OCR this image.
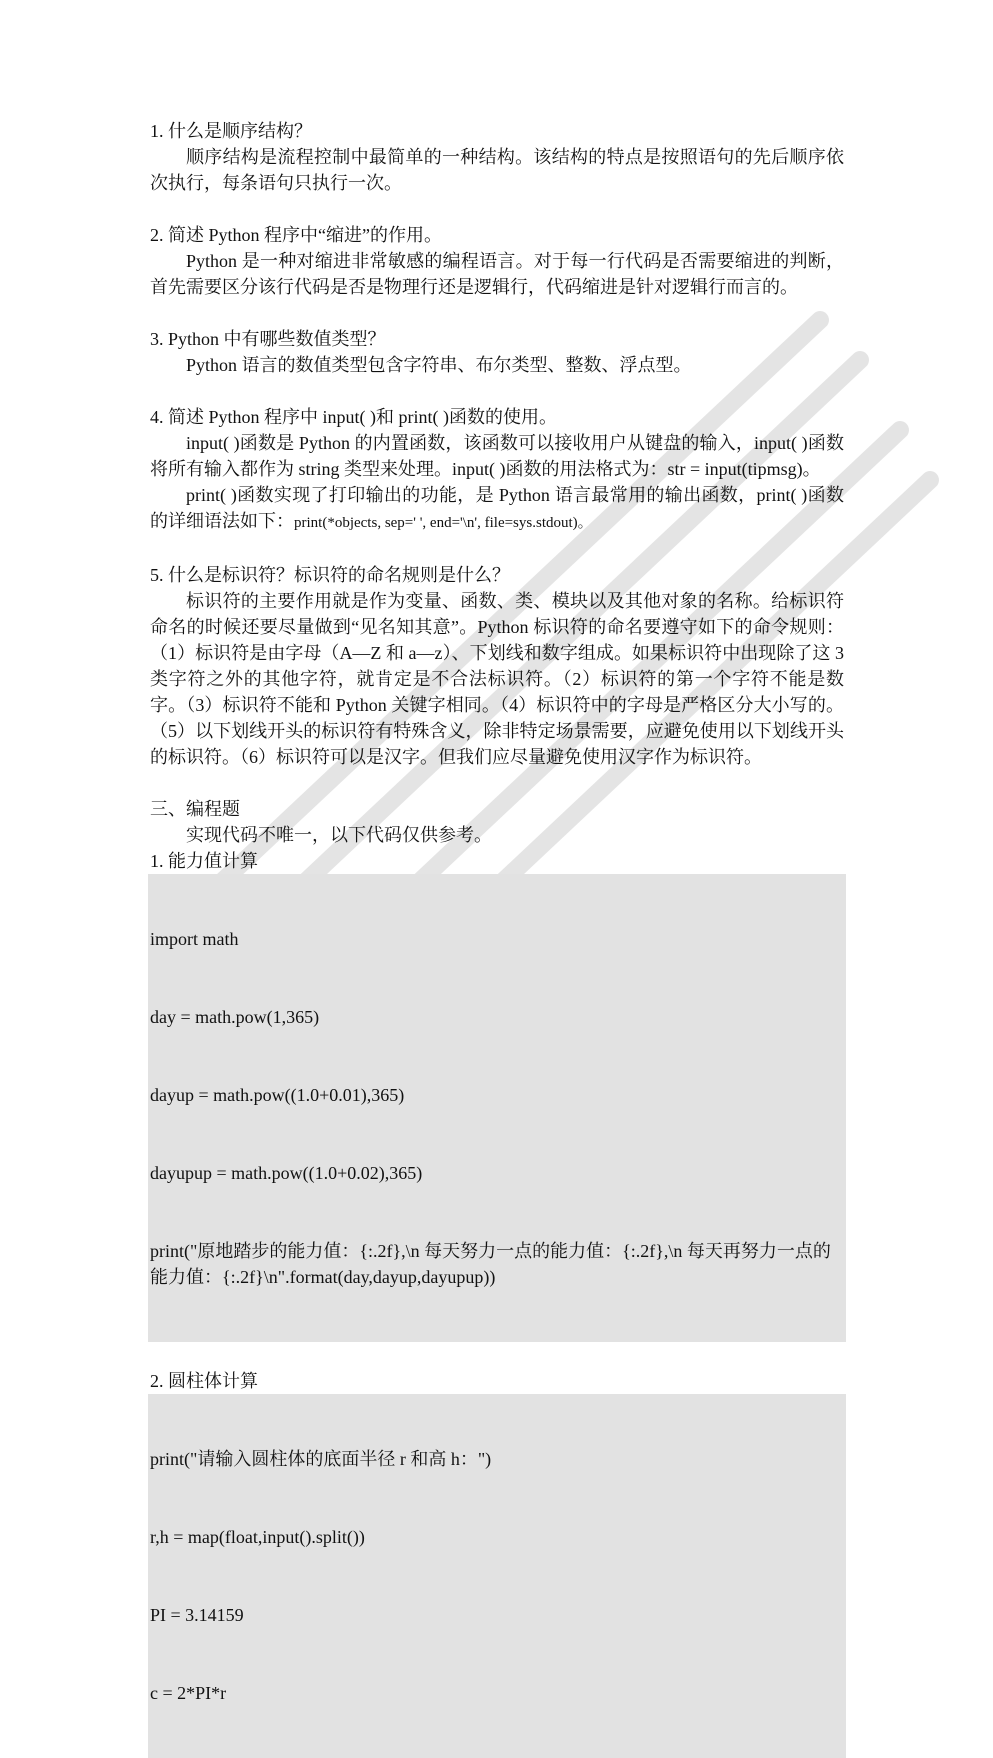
1. 什么是顺序结构？

顺序结构是流程控制中最简单的一种结构。该结构的特点是按照语句的先后顺序依次执行，每条语句只执行一次。

2. 简述 Python 程序中“缩进”的作用。

Python 是一种对缩进非常敏感的编程语言。对于每一行代码是否需要缩进的判断，首先需要区分该行代码是否是物理行还是逻辑行，代码缩进是针对逻辑行而言的。

3. Python 中有哪些数值类型？

Python 语言的数值类型包含字符串、布尔类型、整数、浮点型。

4. 简述 Python 程序中 input( )和 print( )函数的使用。

input( )函数是 Python 的内置函数，该函数可以接收用户从键盘的输入，input( )函数将所有输入都作为 string 类型来处理。input( )函数的用法格式为：str = input(tipmsg)。

print( )函数实现了打印输出的功能，是 Python 语言最常用的输出函数，print( )函数的详细语法如下：print(*objects, sep=' ', end='\n', file=sys.stdout)。

5. 什么是标识符？标识符的命名规则是什么？

标识符的主要作用就是作为变量、函数、类、模块以及其他对象的名称。给标识符命名的时候还要尽量做到“见名知其意”。Python 标识符的命名要遵守如下的命令规则：（1）标识符是由字母（A—Z 和 a—z）、下划线和数字组成。如果标识符中出现除了这 3 类字符之外的其他字符，就肯定是不合法标识符。（2）标识符的第一个字符不能是数字。（3）标识符不能和 Python 关键字相同。（4）标识符中的字母是严格区分大小写的。（5）以下划线开头的标识符有特殊含义，除非特定场景需要，应避免使用以下划线开头的标识符。（6）标识符可以是汉字。但我们应尽量避免使用汉字作为标识符。

三、编程题

实现代码不唯一，以下代码仅供参考。

1. 能力值计算

import math

day = math.pow(1,365)

dayup = math.pow((1.0+0.01),365)

dayupup = math.pow((1.0+0.02),365)

print("原地踏步的能力值：{:.2f},\n 每天努力一点的能力值：{:.2f},\n 每天再努力一点的能力值：{:.2f}\n".format(day,dayup,dayupup))

2. 圆柱体计算

print("请输入圆柱体的底面半径 r 和高 h：")

r,h = map(float,input().split())

PI = 3.14159

c = 2*PI*r
